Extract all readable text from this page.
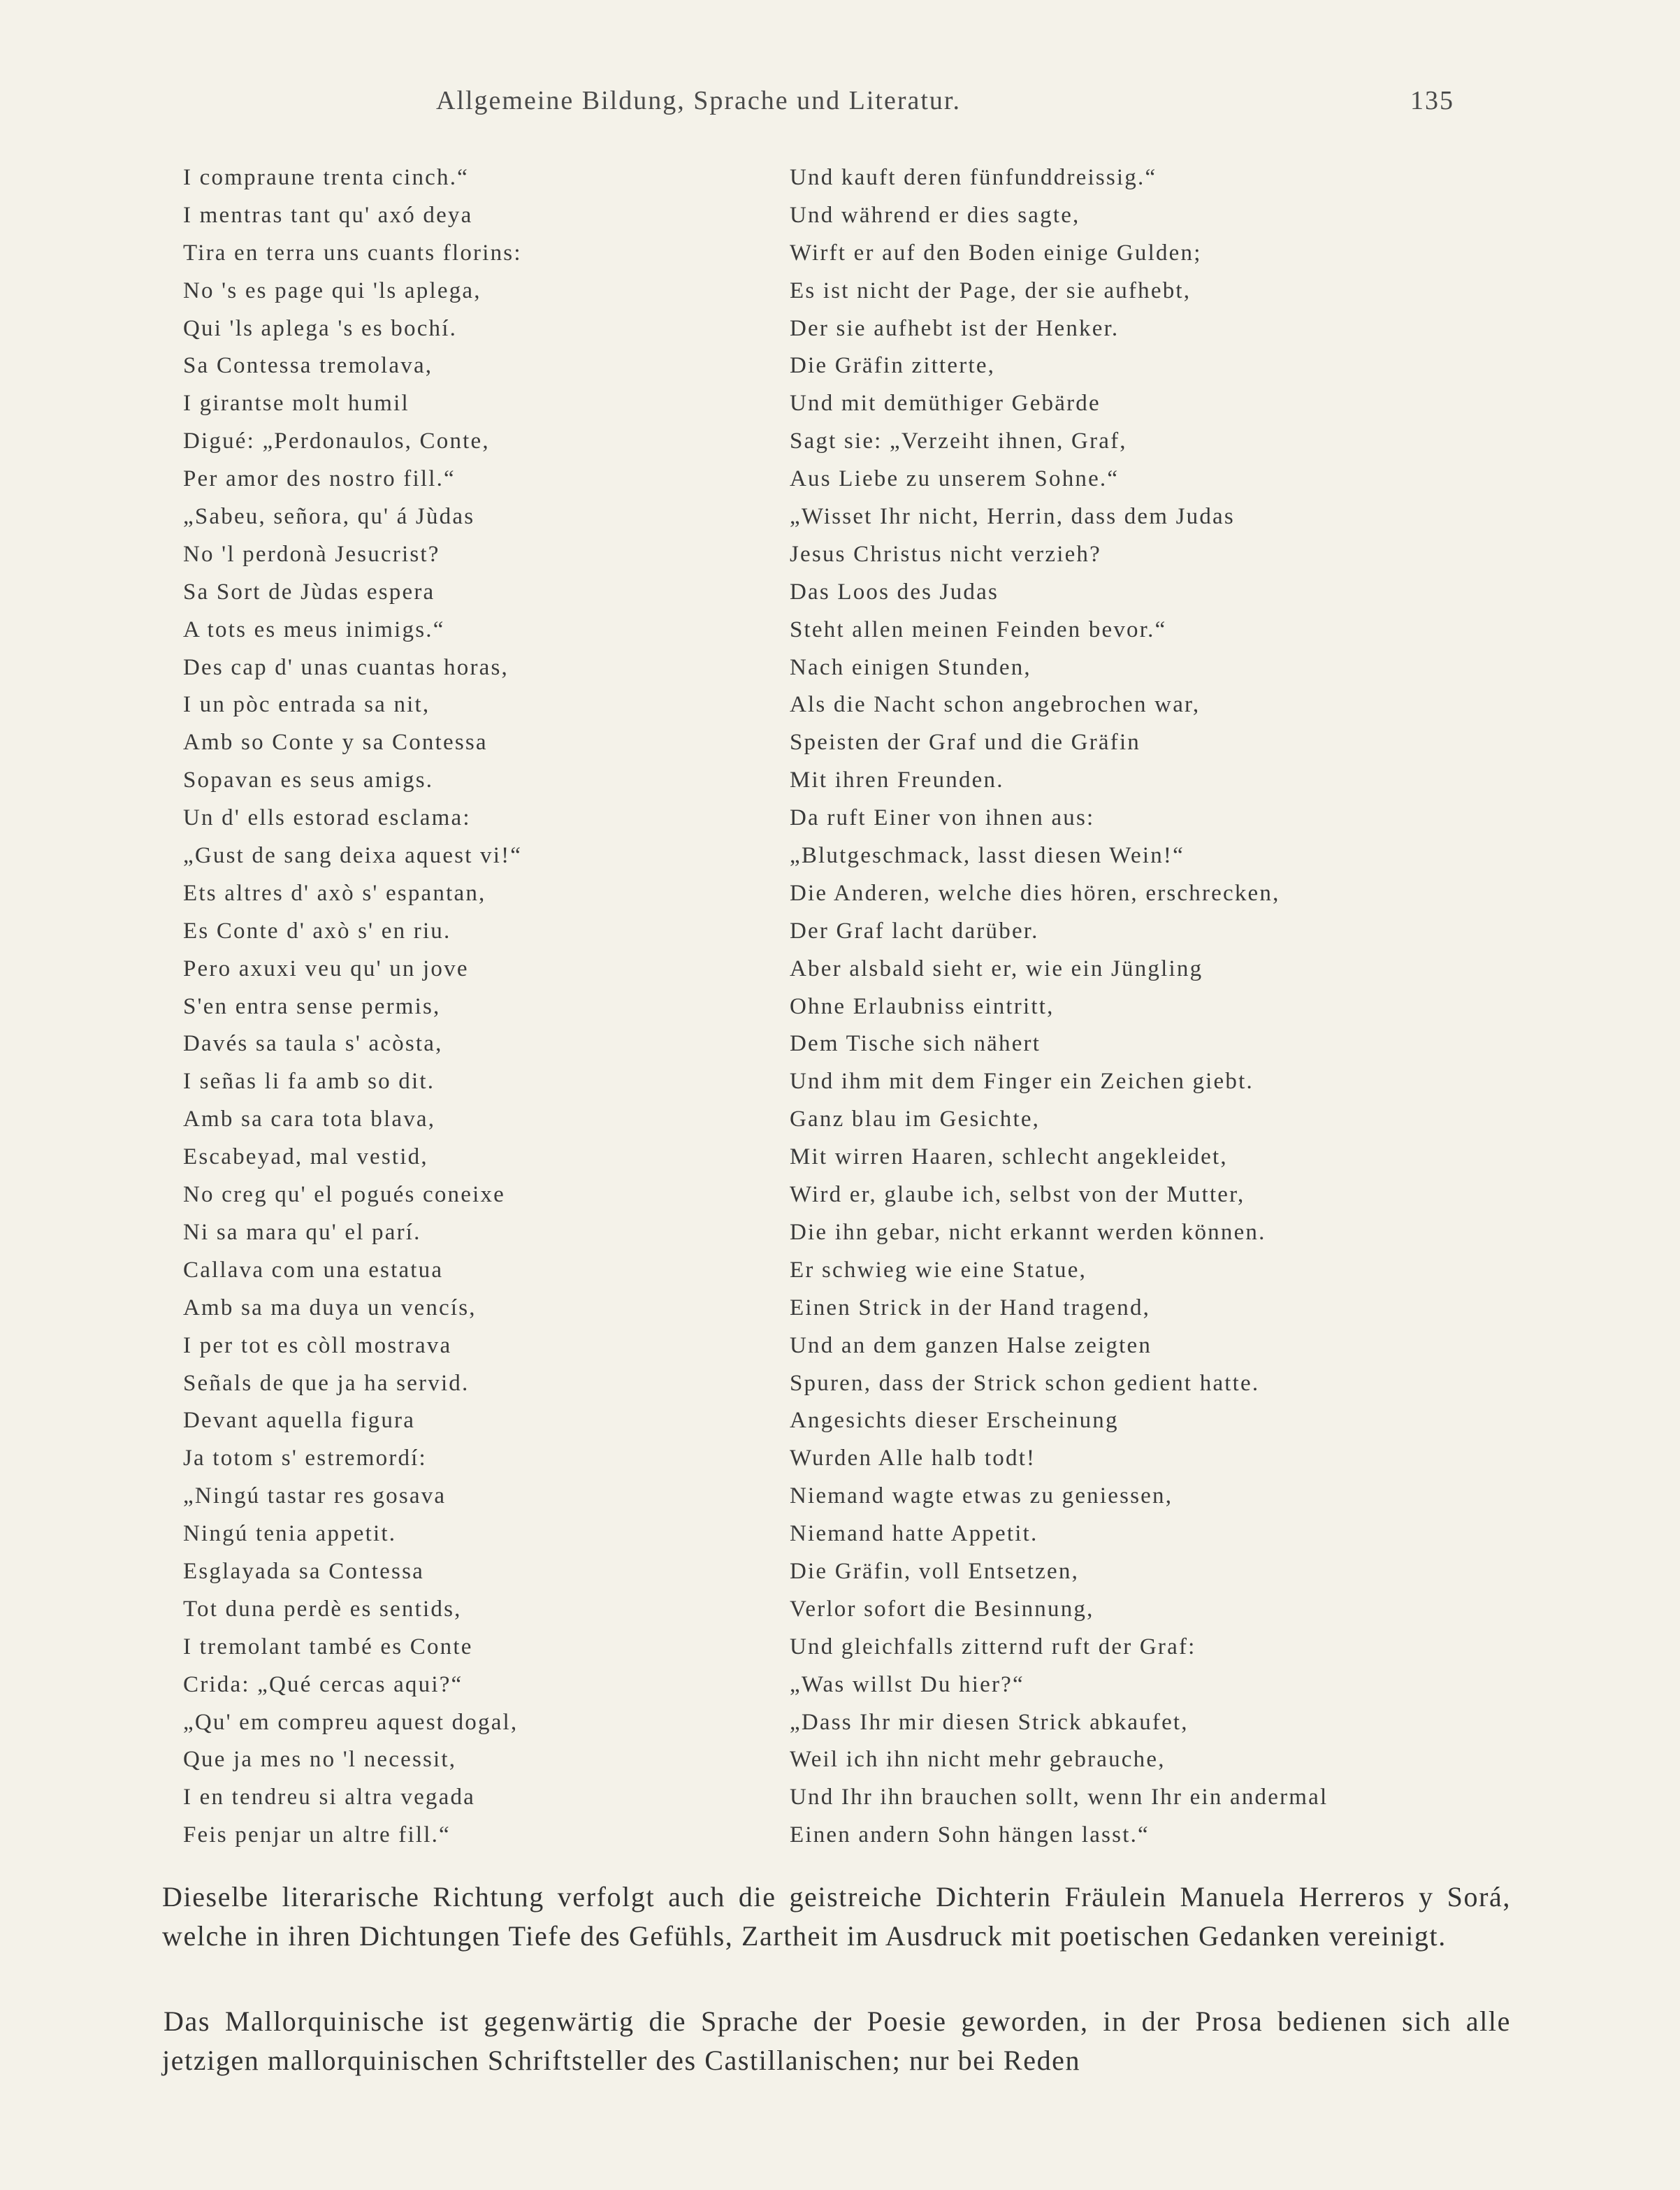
Allgemeine Bildung, Sprache und Literatur.	135
I compraune trenta cinch.“
I mentras tant qu' axó deya
Tira en terra uns cuants florins:
No 's es page qui 'ls aplega,
Qui 'ls aplega 's es bochí.
Sa Contessa tremolava,
I girantse molt humil
Digué: „Perdonaulos, Conte,
Per amor des nostro fill.“
„Sabeu, señora, qu' á Jùdas
No 'l perdonà Jesucrist?
Sa Sort de Jùdas espera
A tots es meus inimigs.“
Des cap d' unas cuantas horas,
I un pòc entrada sa nit,
Amb so Conte y sa Contessa
Sopavan es seus amigs.
Un d' ells estorad esclama:
„Gust de sang deixa aquest vi!“
Ets altres d' axò s' espantan,
Es Conte d' axò s' en riu.
Pero axuxi veu qu' un jove
S'en entra sense permis,
Davés sa taula s' acòsta,
I señas li fa amb so dit.
Amb sa cara tota blava,
Escabeyad, mal vestid,
No creg qu' el pogués coneixe
Ni sa mara qu' el parí.
Callava com una estatua
Amb sa ma duya un vencís,
I per tot es còll mostrava
Señals de que ja ha servid.
Devant aquella figura
Ja totom s' estremordí:
„Ningú tastar res gosava
Ningú tenia appetit.
Esglayada sa Contessa
Tot duna perdè es sentids,
I tremolant també es Conte
Crida: „Qué cercas aqui?“
„Qu' em compreu aquest dogal,
Que ja mes no 'l necessit,
I en tendreu si altra vegada
Feis penjar un altre fill.“
Und kauft deren fünfunddreissig.“
Und während er dies sagte,
Wirft er auf den Boden einige Gulden;
Es ist nicht der Page, der sie aufhebt,
Der sie aufhebt ist der Henker.
Die Gräfin zitterte,
Und mit demüthiger Gebärde
Sagt sie: „Verzeiht ihnen, Graf,
Aus Liebe zu unserem Sohne.“
„Wisset Ihr nicht, Herrin, dass dem Judas
Jesus Christus nicht verzieh?
Das Loos des Judas
Steht allen meinen Feinden bevor.“
Nach einigen Stunden,
Als die Nacht schon angebrochen war,
Speisten der Graf und die Gräfin
Mit ihren Freunden.
Da ruft Einer von ihnen aus:
„Blutgeschmack, lasst diesen Wein!“
Die Anderen, welche dies hören, erschrecken,
Der Graf lacht darüber.
Aber alsbald sieht er, wie ein Jüngling
Ohne Erlaubniss eintritt,
Dem Tische sich nähert
Und ihm mit dem Finger ein Zeichen giebt.
Ganz blau im Gesichte,
Mit wirren Haaren, schlecht angekleidet,
Wird er, glaube ich, selbst von der Mutter,
Die ihn gebar, nicht erkannt werden können.
Er schwieg wie eine Statue,
Einen Strick in der Hand tragend,
Und an dem ganzen Halse zeigten
Spuren, dass der Strick schon gedient hatte.
Angesichts dieser Erscheinung
Wurden Alle halb todt!
Niemand wagte etwas zu geniessen,
Niemand hatte Appetit.
Die Gräfin, voll Entsetzen,
Verlor sofort die Besinnung,
Und gleichfalls zitternd ruft der Graf:
„Was willst Du hier?“
„Dass Ihr mir diesen Strick abkaufet,
Weil ich ihn nicht mehr gebrauche,
Und Ihr ihn brauchen sollt, wenn Ihr ein andermal
Einen andern Sohn hängen lasst.“

Dieselbe literarische Richtung verfolgt auch die geistreiche Dichterin Fräulein Manuela Herreros y Sorá, welche in ihren Dichtungen Tiefe des Gefühls, Zartheit im Ausdruck mit poetischen Gedanken vereinigt.

Das Mallorquinische ist gegenwärtig die Sprache der Poesie geworden, in der Prosa bedienen sich alle jetzigen mallorquinischen Schriftsteller des Castillanischen; nur bei Reden
